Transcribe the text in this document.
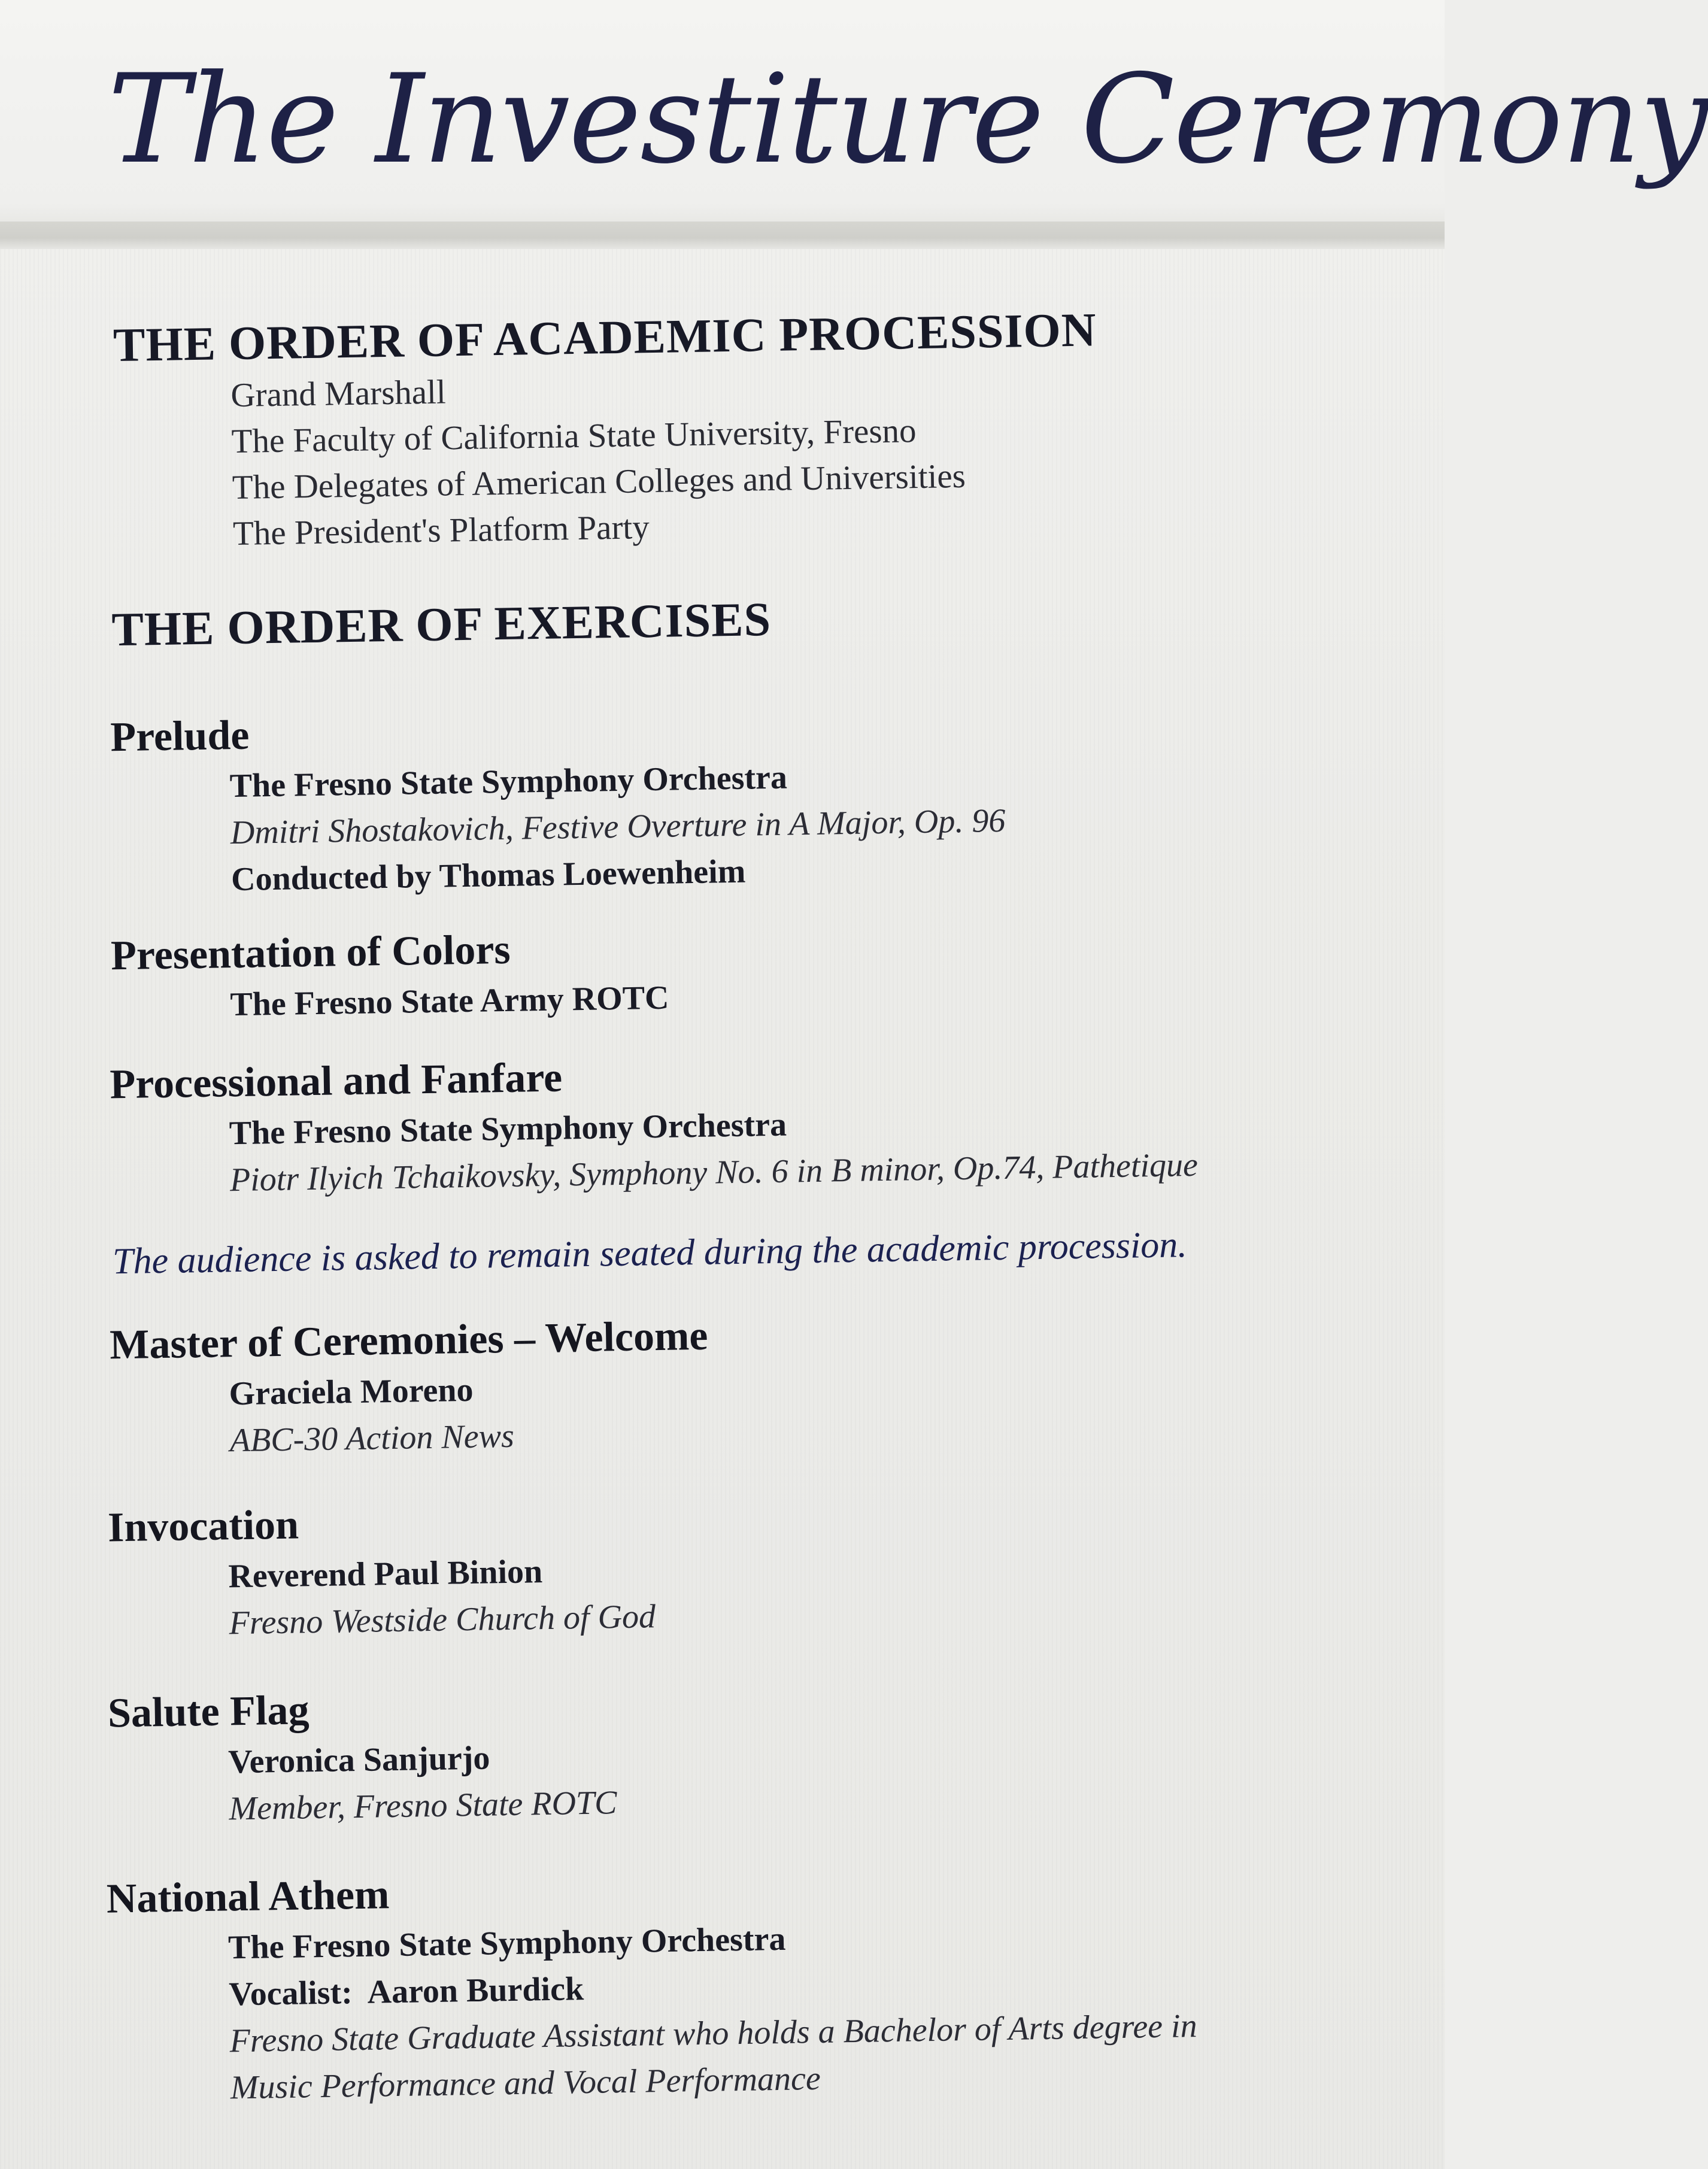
The Investiture Ceremony
THE ORDER OF ACADEMIC PROCESSION
Grand Marshall
The Faculty of California State University, Fresno
The Delegates of American Colleges and Universities
The President's Platform Party
THE ORDER OF EXERCISES
Prelude
The Fresno State Symphony Orchestra
Dmitri Shostakovich, Festive Overture in A Major, Op. 96
Conducted by Thomas Loewenheim
Presentation of Colors
The Fresno State Army ROTC
Processional and Fanfare
The Fresno State Symphony Orchestra
Piotr Ilyich Tchaikovsky, Symphony No. 6 in B minor, Op.74, Pathetique
The audience is asked to remain seated during the academic procession.
Master of Ceremonies – Welcome
Graciela Moreno
ABC-30 Action News
Invocation
Reverend Paul Binion
Fresno Westside Church of God
Salute Flag
Veronica Sanjurjo
Member, Fresno State ROTC
National Athem
The Fresno State Symphony Orchestra
Vocalist:  Aaron Burdick
Fresno State Graduate Assistant who holds a Bachelor of Arts degree in
Music Performance and Vocal Performance
